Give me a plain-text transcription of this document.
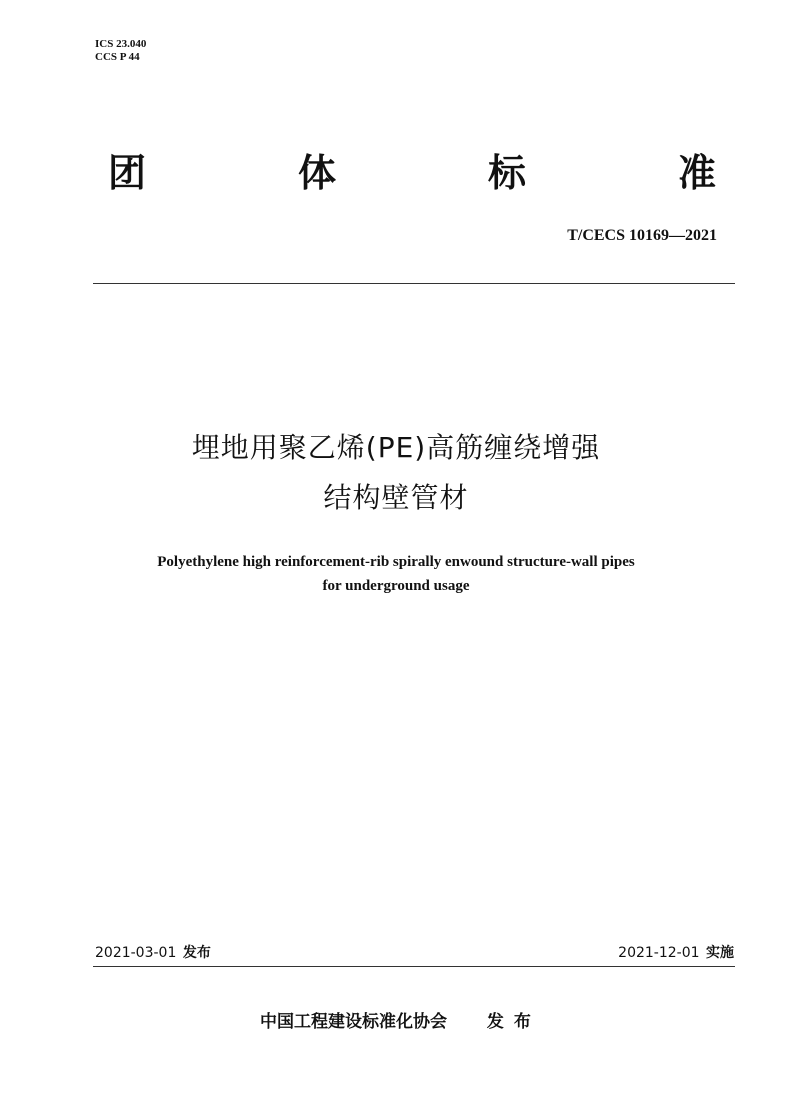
ICS 23.040
CCS P 44
团	体	标	准
T/CECS 10169—2021
埋地用聚乙烯(PE)高筋缠绕增强
结构壁管材
Polyethylene high reinforcement-rib spirally enwound structure-wall pipes
for underground usage
2021-03-01 发布	2021-12-01 实施
中国工程建设标准化协会 发布
